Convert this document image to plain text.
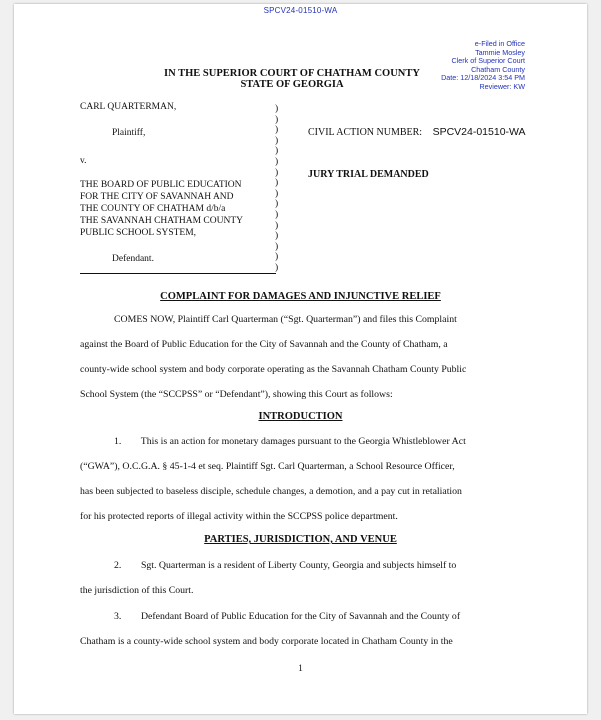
SPCV24-01510-WA
e-Filed in Office
Tammie Mosley
Clerk of Superior Court
Chatham County
Date: 12/18/2024 3:54 PM
Reviewer: KW
IN THE SUPERIOR COURT OF CHATHAM COUNTY
STATE OF GEORGIA
CARL QUARTERMAN,
Plaintiff,
v.
THE BOARD OF PUBLIC EDUCATION
FOR THE CITY OF SAVANNAH AND
THE COUNTY OF CHATHAM d/b/a
THE SAVANNAH CHATHAM COUNTY
PUBLIC SCHOOL SYSTEM,
Defendant.
)
)
)
)
)
)
)
)
)
)
)
)
)
)
)
)
CIVIL ACTION NUMBER: SPCV24-01510-WA
JURY TRIAL DEMANDED
COMPLAINT FOR DAMAGES AND INJUNCTIVE RELIEF
COMES NOW, Plaintiff Carl Quarterman (“Sgt. Quarterman”) and files this Complaint
against the Board of Public Education for the City of Savannah and the County of Chatham, a
county-wide school system and body corporate operating as the Savannah Chatham County Public
School System (the “SCCPSS” or “Defendant”), showing this Court as follows:
INTRODUCTION
1.        This is an action for monetary damages pursuant to the Georgia Whistleblower Act
(“GWA”), O.C.G.A. § 45-1-4 et seq. Plaintiff Sgt. Carl Quarterman, a School Resource Officer,
has been subjected to baseless disciple, schedule changes, a demotion, and a pay cut in retaliation
for his protected reports of illegal activity within the SCCPSS police department.
PARTIES, JURISDICTION, AND VENUE
2.        Sgt. Quarterman is a resident of Liberty County, Georgia and subjects himself to
the jurisdiction of this Court.
3.        Defendant Board of Public Education for the City of Savannah and the County of
Chatham is a county-wide school system and body corporate located in Chatham County in the
1
